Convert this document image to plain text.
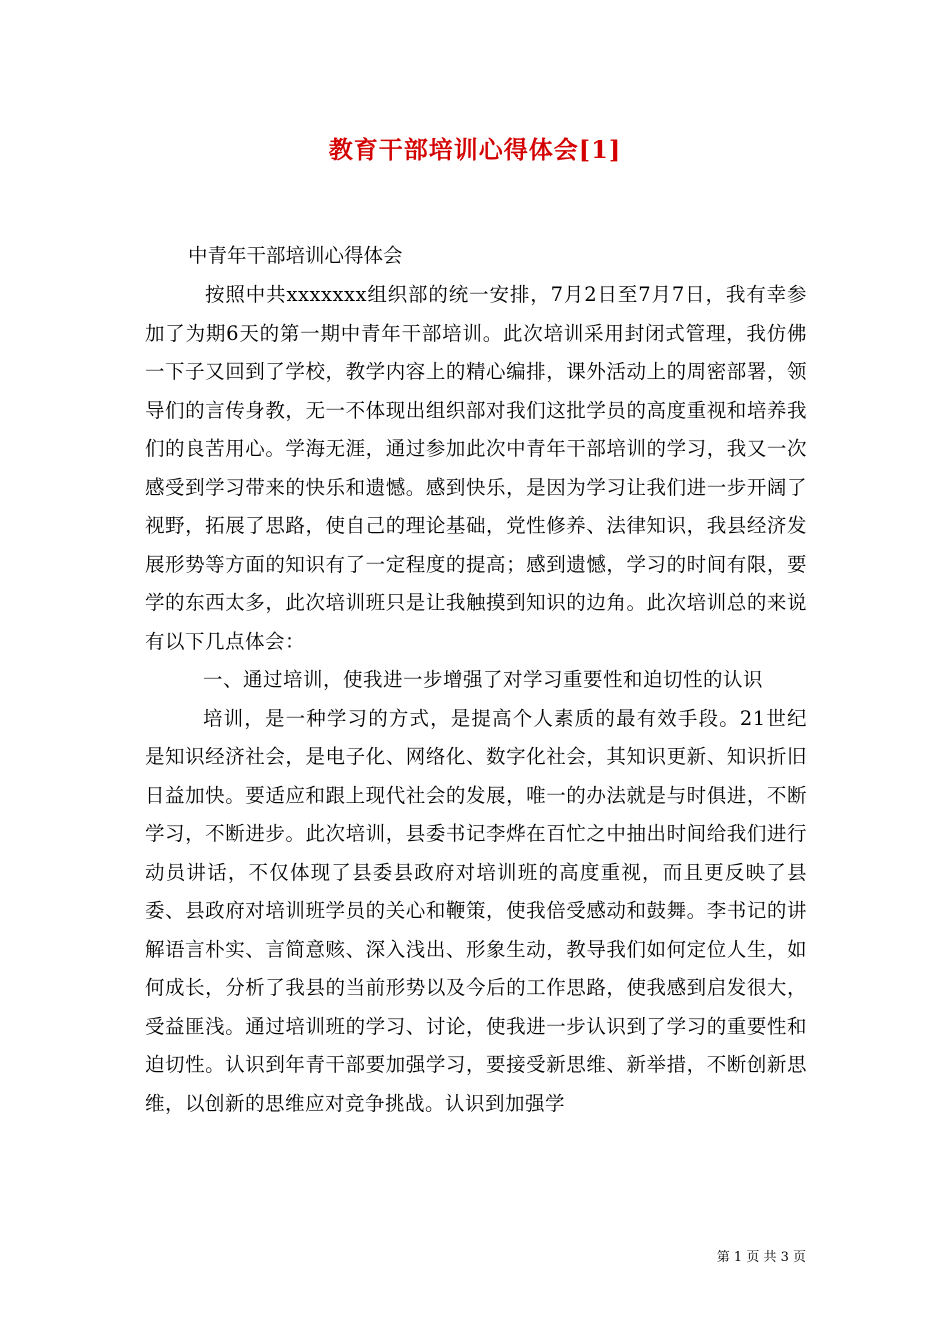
教育干部培训心得体会[1]
中青年干部培训心得体会

按照中共xxxxxxx组织部的统一安排，7月2日至7月7日，我有幸参加了为期6天的第一期中青年干部培训。此次培训采用封闭式管理，我仿佛一下子又回到了学校，教学内容上的精心编排，课外活动上的周密部署，领导们的言传身教，无一不体现出组织部对我们这批学员的高度重视和培养我们的良苦用心。学海无涯，通过参加此次中青年干部培训的学习，我又一次感受到学习带来的快乐和遗憾。感到快乐，是因为学习让我们进一步开阔了视野，拓展了思路，使自己的理论基础，党性修养、法律知识，我县经济发展形势等方面的知识有了一定程度的提高；感到遗憾，学习的时间有限，要学的东西太多，此次培训班只是让我触摸到知识的边角。此次培训总的来说有以下几点体会：

一、通过培训，使我进一步增强了对学习重要性和迫切性的认识

培训，是一种学习的方式，是提高个人素质的最有效手段。21世纪是知识经济社会，是电子化、网络化、数字化社会，其知识更新、知识折旧日益加快。要适应和跟上现代社会的发展，唯一的办法就是与时俱进，不断学习，不断进步。此次培训，县委书记李烨在百忙之中抽出时间给我们进行动员讲话，不仅体现了县委县政府对培训班的高度重视，而且更反映了县委、县政府对培训班学员的关心和鞭策，使我倍受感动和鼓舞。李书记的讲解语言朴实、言简意赅、深入浅出、形象生动，教导我们如何定位人生，如何成长，分析了我县的当前形势以及今后的工作思路，使我感到启发很大，受益匪浅。通过培训班的学习、讨论，使我进一步认识到了学习的重要性和迫切性。认识到年青干部要加强学习，要接受新思维、新举措，不断创新思维，以创新的思维应对竞争挑战。认识到加强学

第 1 页 共 3 页
